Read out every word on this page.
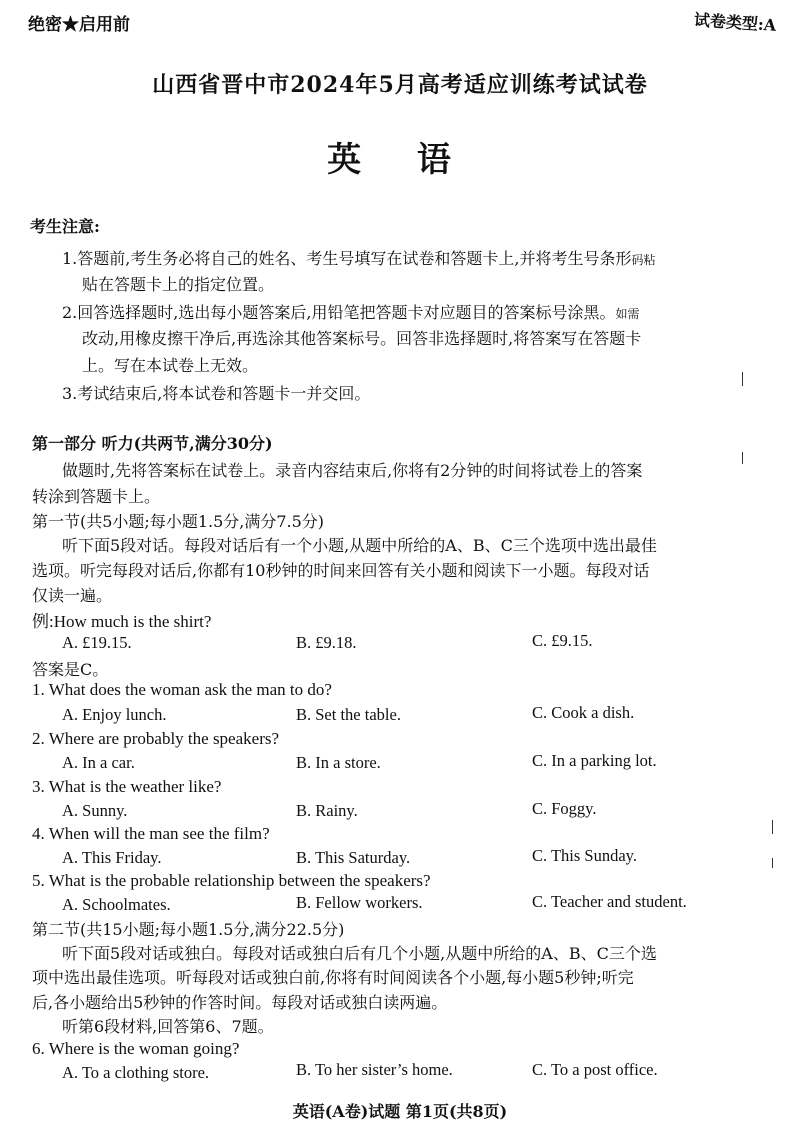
绝密★启用前	试卷类型:A
山西省晋中市2024年5月高考适应训练考试试卷
英 语
考生注意:
1.答题前,考生务必将自己的姓名、考生号填写在试卷和答题卡上,并将考生号条形码粘
贴在答题卡上的指定位置。
2.回答选择题时,选出每小题答案后,用铅笔把答题卡对应题目的答案标号涂黑。如需
改动,用橡皮擦干净后,再选涂其他答案标号。回答非选择题时,将答案写在答题卡
上。写在本试卷上无效。
3.考试结束后,将本试卷和答题卡一并交回。
第一部分 听力(共两节,满分30分)
做题时,先将答案标在试卷上。录音内容结束后,你将有2分钟的时间将试卷上的答案
转涂到答题卡上。
第一节(共5小题;每小题1.5分,满分7.5分)
听下面5段对话。每段对话后有一个小题,从题中所给的A、B、C三个选项中选出最佳
选项。听完每段对话后,你都有10秒钟的时间来回答有关小题和阅读下一小题。每段对话
仅读一遍。
例:How much is the shirt?
A. £19.15.	B. £9.18.	C. £9.15.
答案是C。
1. What does the woman ask the man to do?
A. Enjoy lunch.	B. Set the table.	C. Cook a dish.
2. Where are probably the speakers?
A. In a car.	B. In a store.	C. In a parking lot.
3. What is the weather like?
A. Sunny.	B. Rainy.	C. Foggy.
4. When will the man see the film?
A. This Friday.	B. This Saturday.	C. This Sunday.
5. What is the probable relationship between the speakers?
A. Schoolmates.	B. Fellow workers.	C. Teacher and student.
第二节(共15小题;每小题1.5分,满分22.5分)
听下面5段对话或独白。每段对话或独白后有几个小题,从题中所给的A、B、C三个选
项中选出最佳选项。听每段对话或独白前,你将有时间阅读各个小题,每小题5秒钟;听完
后,各小题给出5秒钟的作答时间。每段对话或独白读两遍。
听第6段材料,回答第6、7题。
6. Where is the woman going?
A. To a clothing store.	B. To her sister’s home.	C. To a post office.
英语(A卷)试题 第1页(共8页)
